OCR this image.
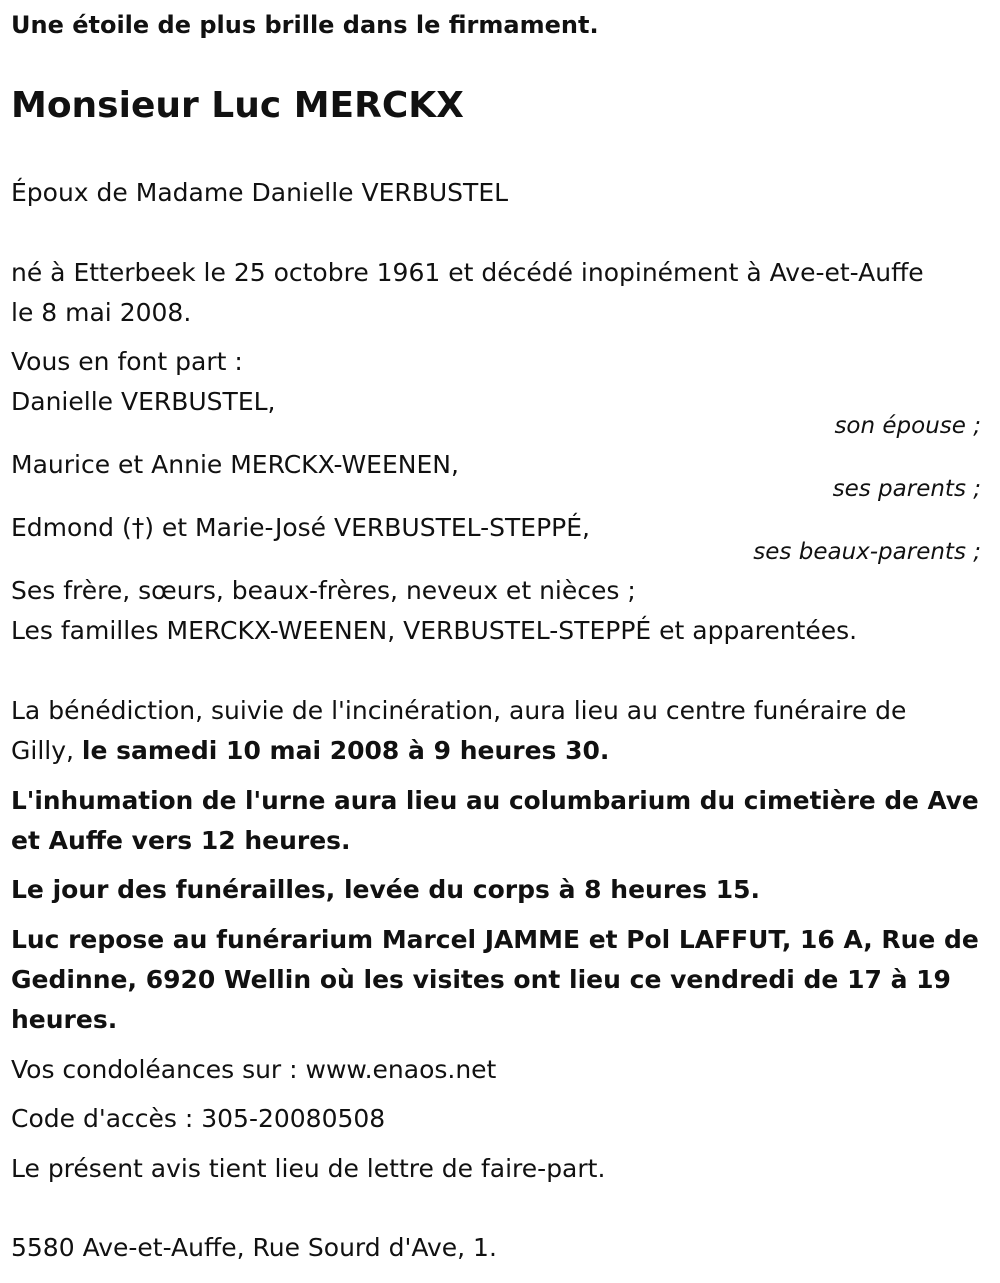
Une étoile de plus brille dans le firmament.
Monsieur Luc MERCKX
Époux de Madame Danielle VERBUSTEL
né à Etterbeek le 25 octobre 1961 et décédé inopinément à Ave-et-Auffe
le 8 mai 2008.
Vous en font part :
Danielle VERBUSTEL,
son épouse ;
Maurice et Annie MERCKX-WEENEN,
ses parents ;
Edmond (†) et Marie-José VERBUSTEL-STEPPÉ,
ses beaux-parents ;
Ses frère, sœurs, beaux-frères, neveux et nièces ;
Les familles MERCKX-WEENEN, VERBUSTEL-STEPPÉ et apparentées.
La bénédiction, suivie de l'incinération, aura lieu au centre funéraire de
Gilly, le samedi 10 mai 2008 à 9 heures 30.
L'inhumation de l'urne aura lieu au columbarium du cimetière de Ave
et Auffe vers 12 heures.
Le jour des funérailles, levée du corps à 8 heures 15.
Luc repose au funérarium Marcel JAMME et Pol LAFFUT, 16 A, Rue de
Gedinne, 6920 Wellin où les visites ont lieu ce vendredi de 17 à 19
heures.
Vos condoléances sur : www.enaos.net
Code d'accès : 305-20080508
Le présent avis tient lieu de lettre de faire-part.
5580 Ave-et-Auffe, Rue Sourd d'Ave, 1.
